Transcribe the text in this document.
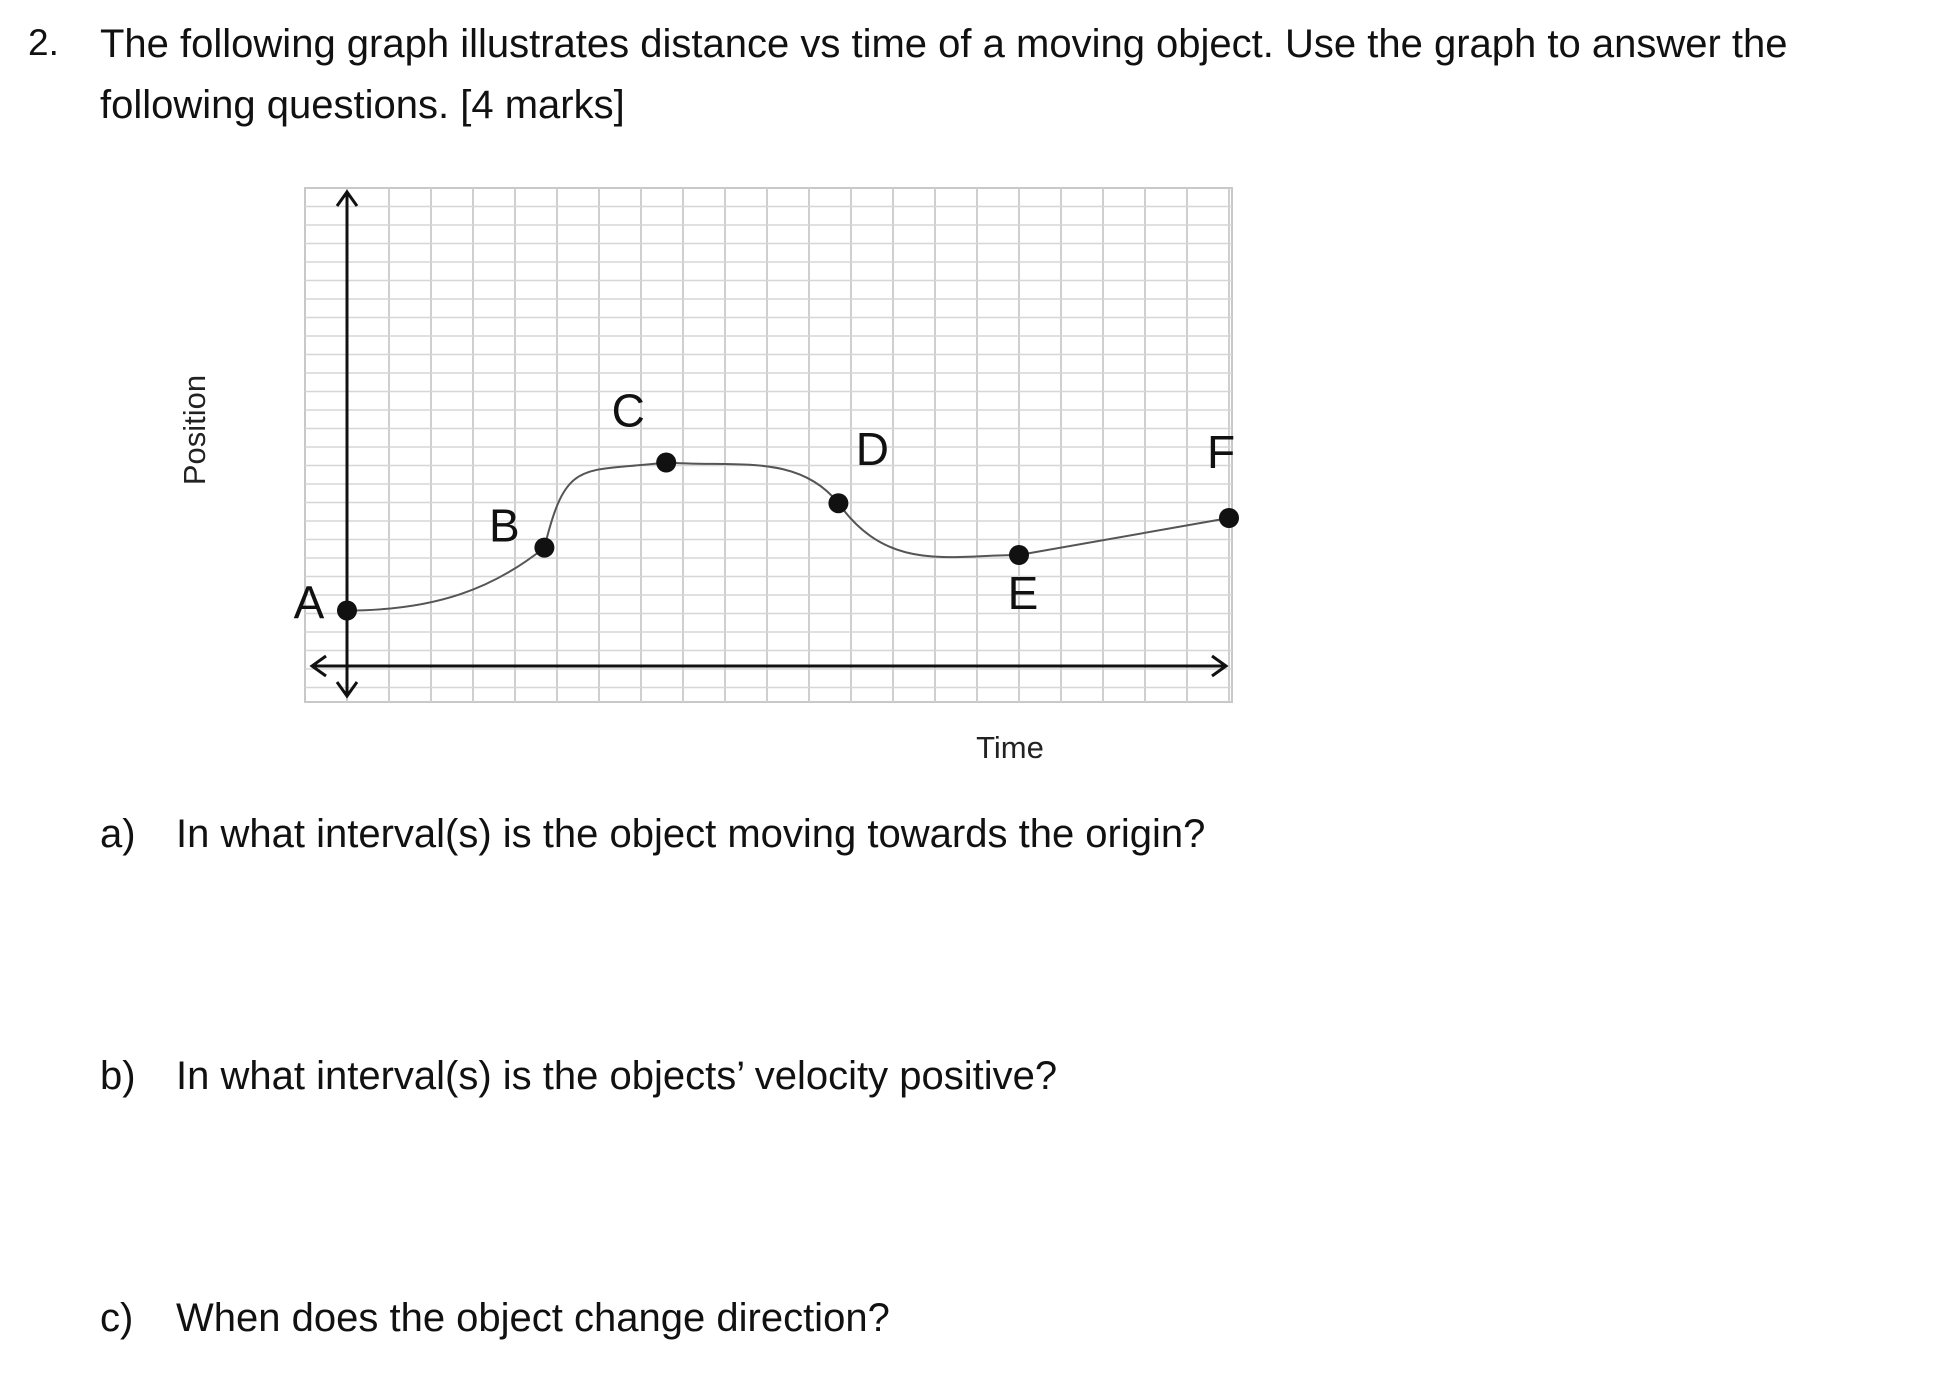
2. The following graph illustrates distance vs time of a moving object. Use the graph to answer the following questions. [4 marks]
A
B
C
D
E
F
Position
Time
a) In what interval(s) is the object moving towards the origin?
b) In what interval(s) is the objects’ velocity positive?
c) When does the object change direction?
